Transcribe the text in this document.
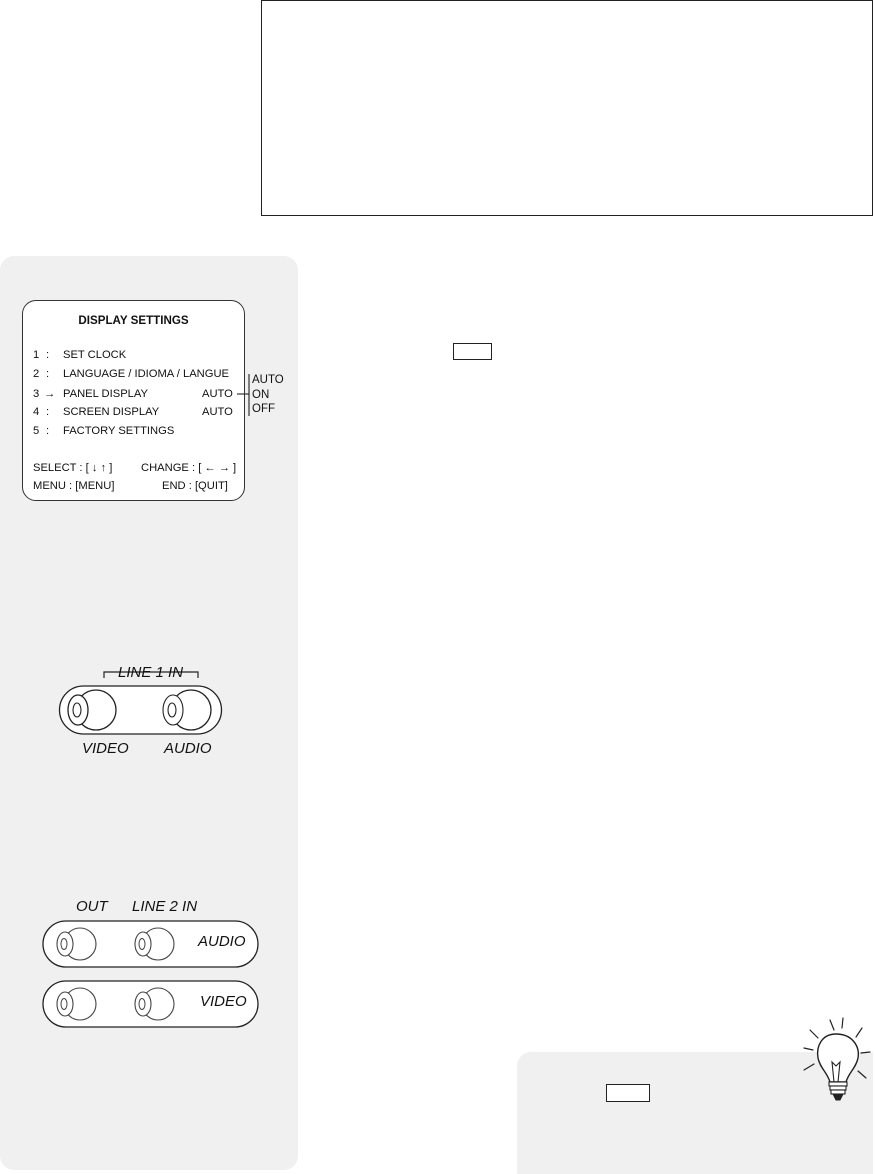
DISPLAY SETTINGS
1 : SET CLOCK
2 : LANGUAGE / IDIOMA / LANGUE
3 → PANEL DISPLAY	AUTO
4 : SCREEN DISPLAY	AUTO
5 : FACTORY SETTINGS
SELECT : [ ↓ ↑ ]	CHANGE : [ ← → ]
MENU : [MENU]	END : [QUIT]
AUTO
ON
OFF
LINE 1 IN
VIDEO AUDIO
OUT LINE 2 IN
AUDIO
VIDEO
